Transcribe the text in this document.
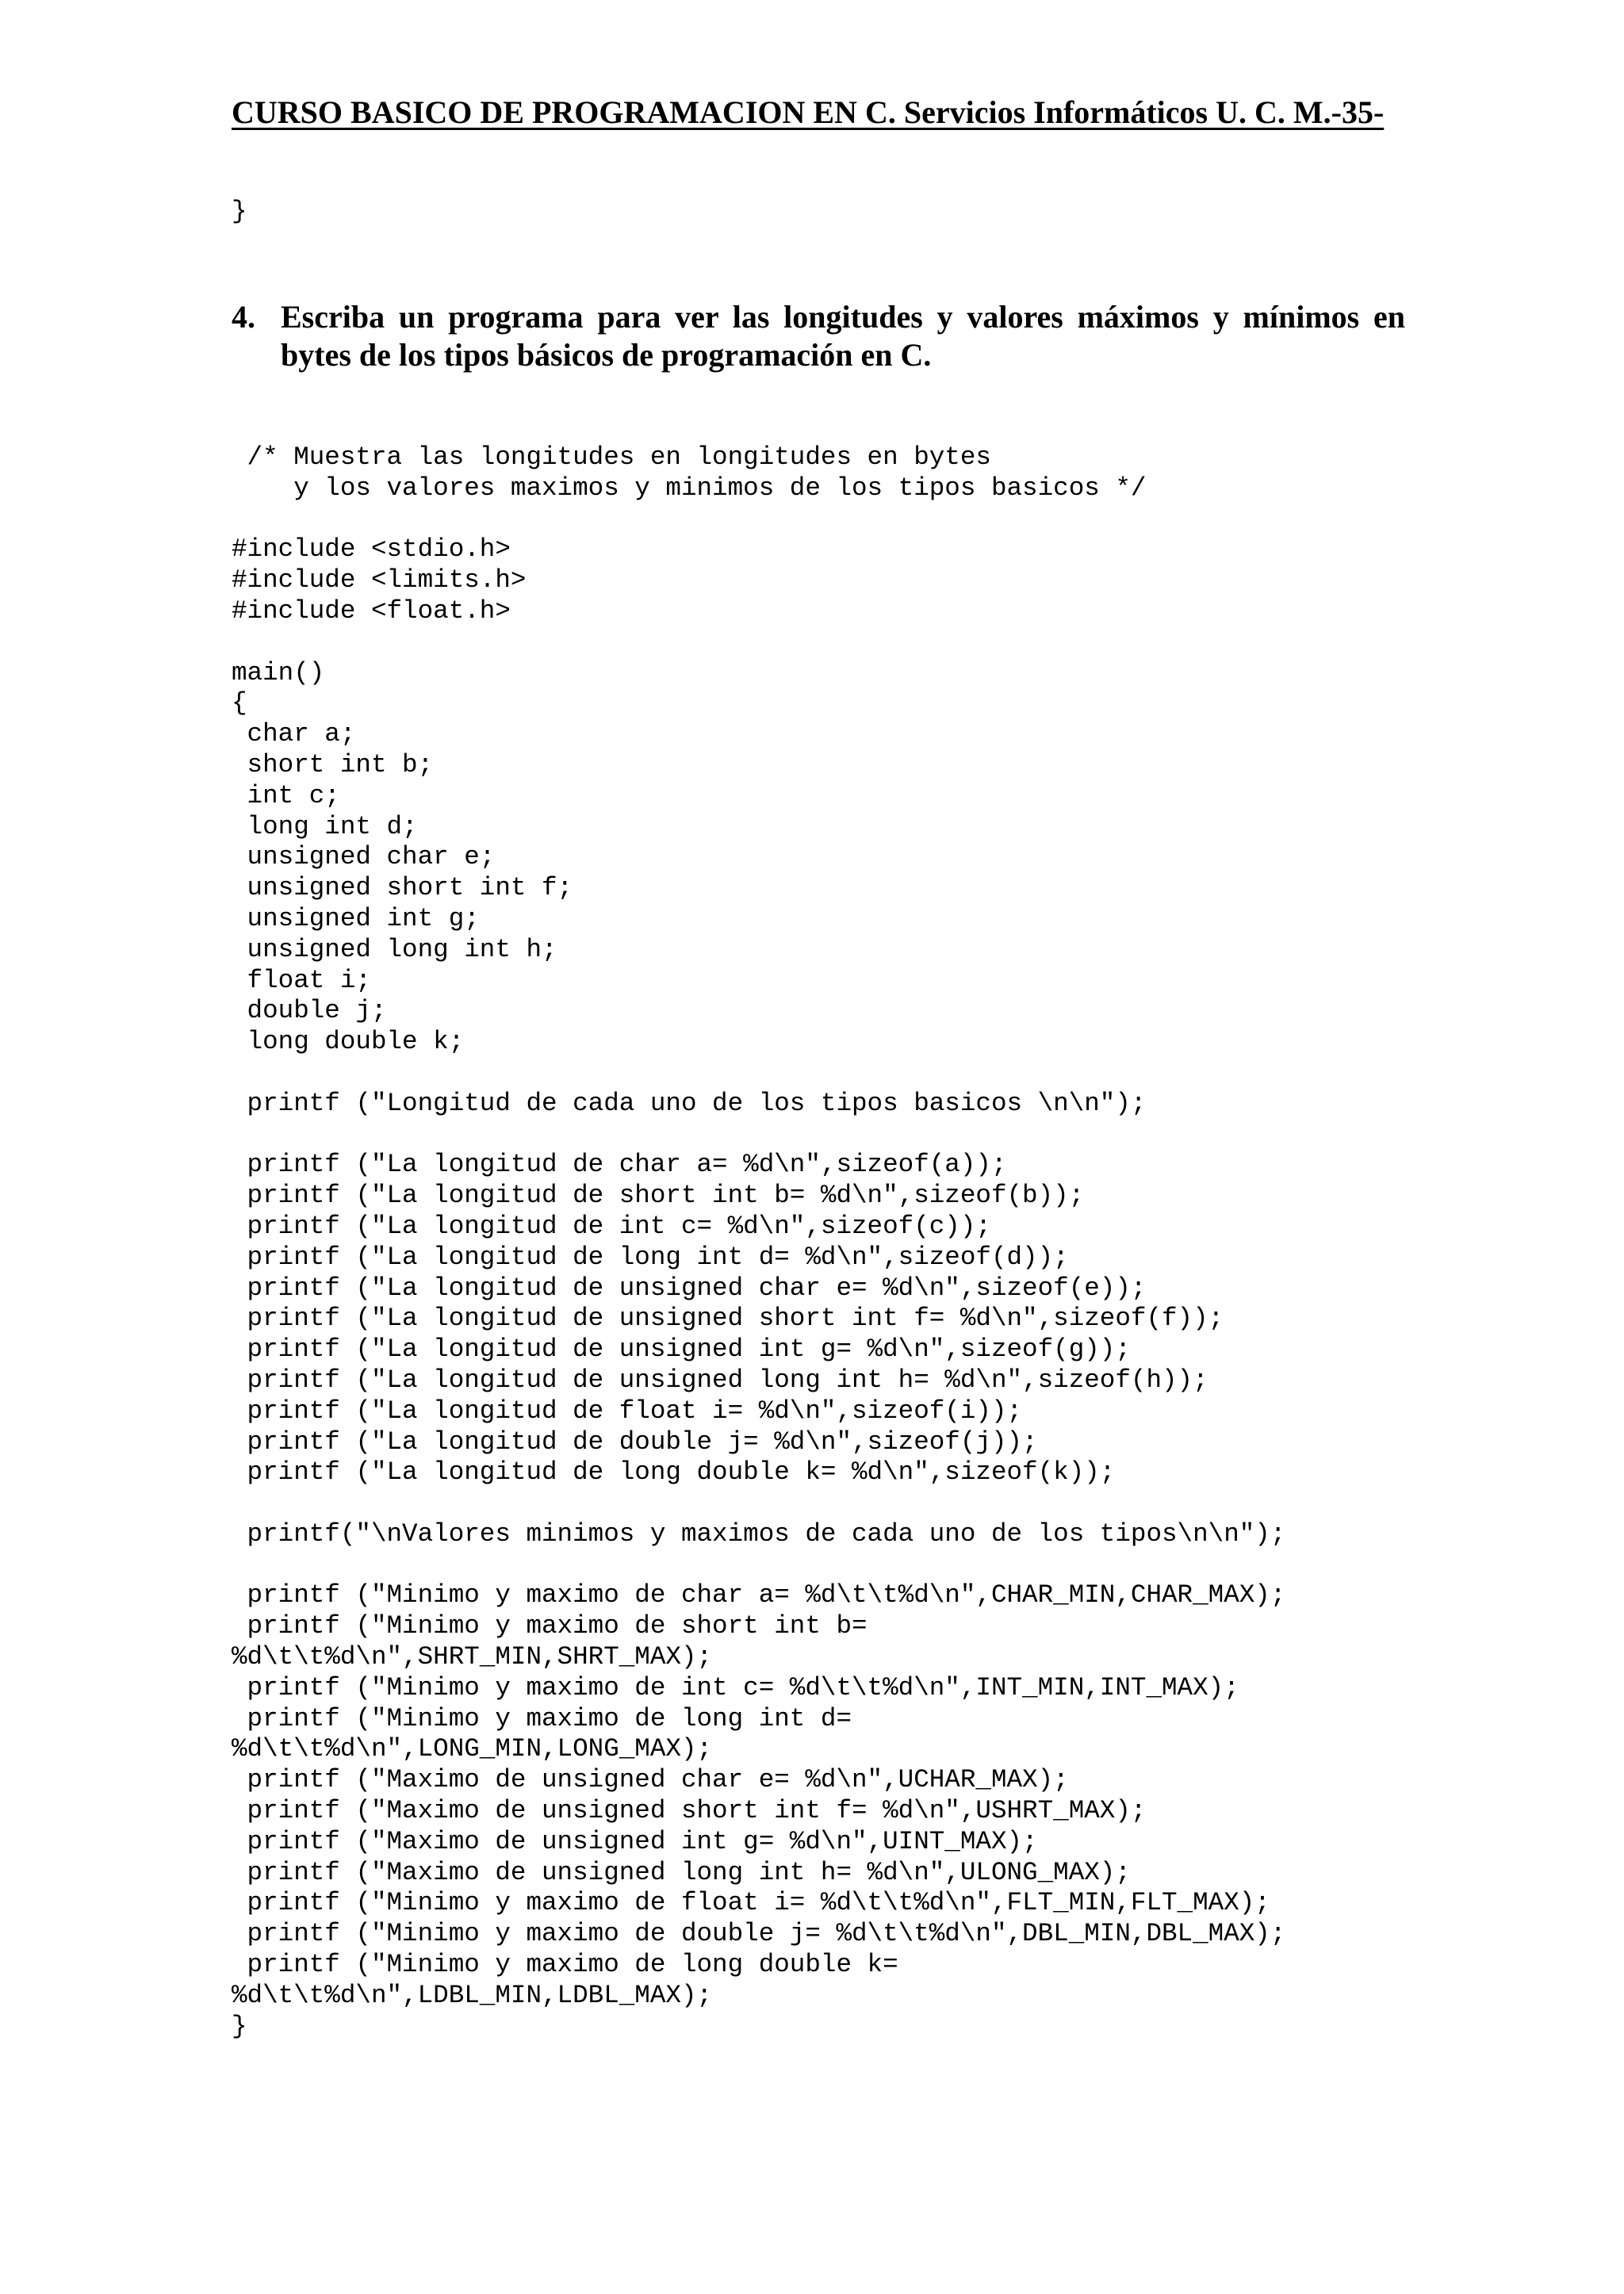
CURSO BASICO DE PROGRAMACION EN C. Servicios Informáticos U. C. M.-35-
}
4. Escriba un programa para ver las longitudes y valores máximos y mínimos en bytes de los tipos básicos de programación en C.
/* Muestra las longitudes en longitudes en bytes
y los valores maximos y minimos de los tipos basicos */

#include <stdio.h>
#include <limits.h>
#include <float.h>

main()
{
char a;
short int b;
int c;
long int d;
unsigned char e;
unsigned short int f;
unsigned int g;
unsigned long int h;
float i;
double j;
long double k;

printf ("Longitud de cada uno de los tipos basicos \n\n");

printf ("La longitud de char a= %d\n",sizeof(a));
printf ("La longitud de short int b= %d\n",sizeof(b));
printf ("La longitud de int c= %d\n",sizeof(c));
printf ("La longitud de long int d= %d\n",sizeof(d));
printf ("La longitud de unsigned char e= %d\n",sizeof(e));
printf ("La longitud de unsigned short int f= %d\n",sizeof(f));
printf ("La longitud de unsigned int g= %d\n",sizeof(g));
printf ("La longitud de unsigned long int h= %d\n",sizeof(h));
printf ("La longitud de float i= %d\n",sizeof(i));
printf ("La longitud de double j= %d\n",sizeof(j));
printf ("La longitud de long double k= %d\n",sizeof(k));

printf("\nValores minimos y maximos de cada uno de los tipos\n\n");

printf ("Minimo y maximo de char a= %d\t\t%d\n",CHAR_MIN,CHAR_MAX);
printf ("Minimo y maximo de short int b=
%d\t\t%d\n",SHRT_MIN,SHRT_MAX);
printf ("Minimo y maximo de int c= %d\t\t%d\n",INT_MIN,INT_MAX);
printf ("Minimo y maximo de long int d=
%d\t\t%d\n",LONG_MIN,LONG_MAX);
printf ("Maximo de unsigned char e= %d\n",UCHAR_MAX);
printf ("Maximo de unsigned short int f= %d\n",USHRT_MAX);
printf ("Maximo de unsigned int g= %d\n",UINT_MAX);
printf ("Maximo de unsigned long int h= %d\n",ULONG_MAX);
printf ("Minimo y maximo de float i= %d\t\t%d\n",FLT_MIN,FLT_MAX);
printf ("Minimo y maximo de double j= %d\t\t%d\n",DBL_MIN,DBL_MAX);
printf ("Minimo y maximo de long double k=
%d\t\t%d\n",LDBL_MIN,LDBL_MAX);
}
